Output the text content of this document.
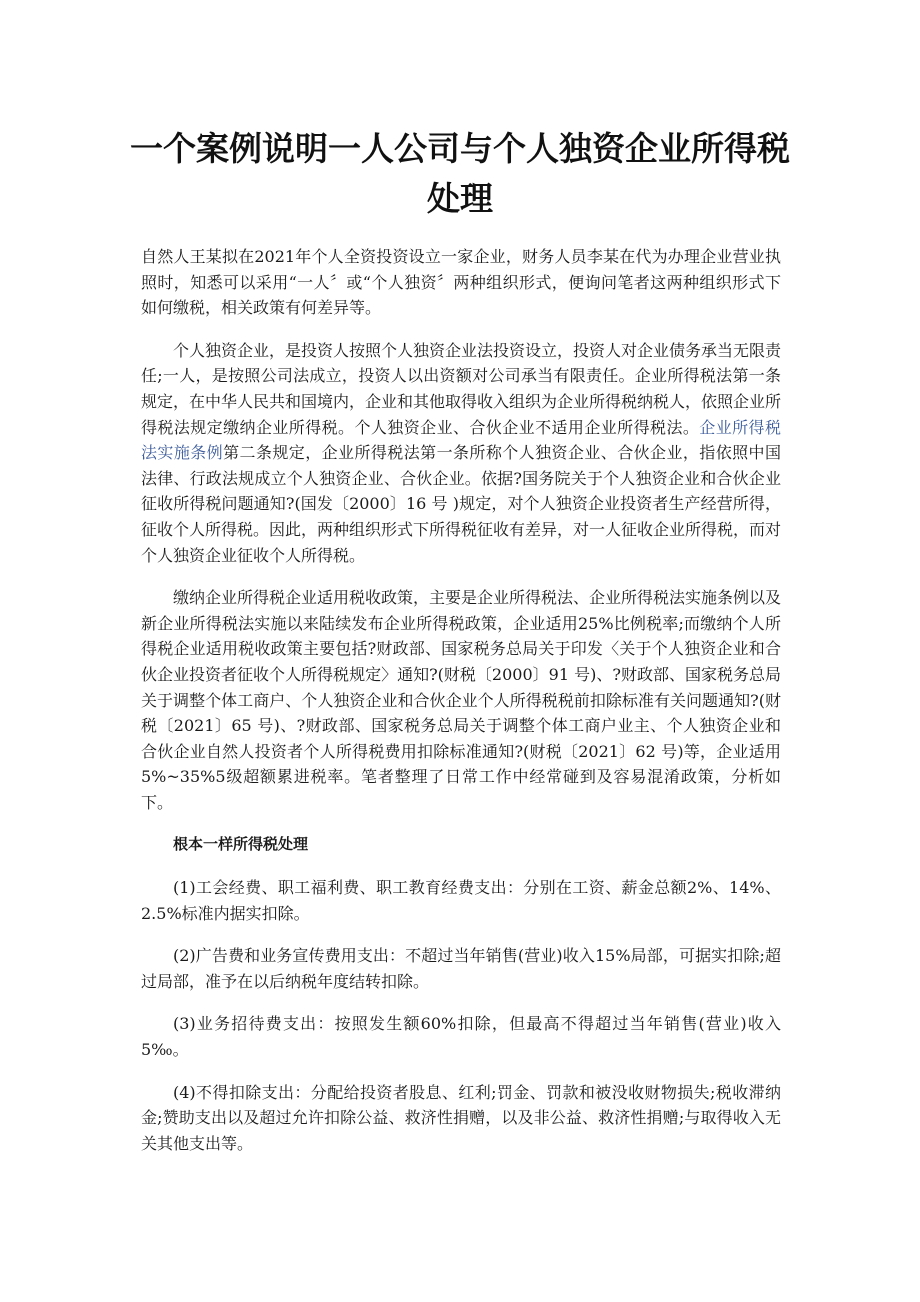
一个案例说明一人公司与个人独资企业所得税处理

自然人王某拟在2021年个人全资投资设立一家企业，财务人员李某在代为办理企业营业执照时，知悉可以采用“一人〞或“个人独资〞两种组织形式，便询问笔者这两种组织形式下如何缴税，相关政策有何差异等。

个人独资企业，是投资人按照个人独资企业法投资设立，投资人对企业债务承当无限责任;一人，是按照公司法成立，投资人以出资额对公司承当有限责任。企业所得税法第一条规定，在中华人民共和国境内，企业和其他取得收入组织为企业所得税纳税人，依照企业所得税法规定缴纳企业所得税。个人独资企业、合伙企业不适用企业所得税法。企业所得税法实施条例第二条规定，企业所得税法第一条所称个人独资企业、合伙企业，指依照中国法律、行政法规成立个人独资企业、合伙企业。依据?国务院关于个人独资企业和合伙企业征收所得税问题通知?(国发〔2000〕16 号 )规定，对个人独资企业投资者生产经营所得，征收个人所得税。因此，两种组织形式下所得税征收有差异，对一人征收企业所得税，而对个人独资企业征收个人所得税。

缴纳企业所得税企业适用税收政策，主要是企业所得税法、企业所得税法实施条例以及新企业所得税法实施以来陆续发布企业所得税政策，企业适用25%比例税率;而缴纳个人所得税企业适用税收政策主要包括?财政部、国家税务总局关于印发〈关于个人独资企业和合伙企业投资者征收个人所得税规定〉通知?(财税〔2000〕91 号)、?财政部、国家税务总局关于调整个体工商户、个人独资企业和合伙企业个人所得税税前扣除标准有关问题通知?(财税〔2021〕65 号)、?财政部、国家税务总局关于调整个体工商户业主、个人独资企业和合伙企业自然人投资者个人所得税费用扣除标准通知?(财税〔2021〕62 号)等，企业适用5%~35%5级超额累进税率。笔者整理了日常工作中经常碰到及容易混淆政策，分析如下。

根本一样所得税处理

(1)工会经费、职工福利费、职工教育经费支出：分别在工资、薪金总额2%、14%、2.5%标准内据实扣除。

(2)广告费和业务宣传费用支出：不超过当年销售(营业)收入15%局部，可据实扣除;超过局部，准予在以后纳税年度结转扣除。

(3)业务招待费支出：按照发生额60%扣除，但最高不得超过当年销售(营业)收入5‰。

(4)不得扣除支出：分配给投资者股息、红利;罚金、罚款和被没收财物损失;税收滞纳金;赞助支出以及超过允许扣除公益、救济性捐赠，以及非公益、救济性捐赠;与取得收入无关其他支出等。
